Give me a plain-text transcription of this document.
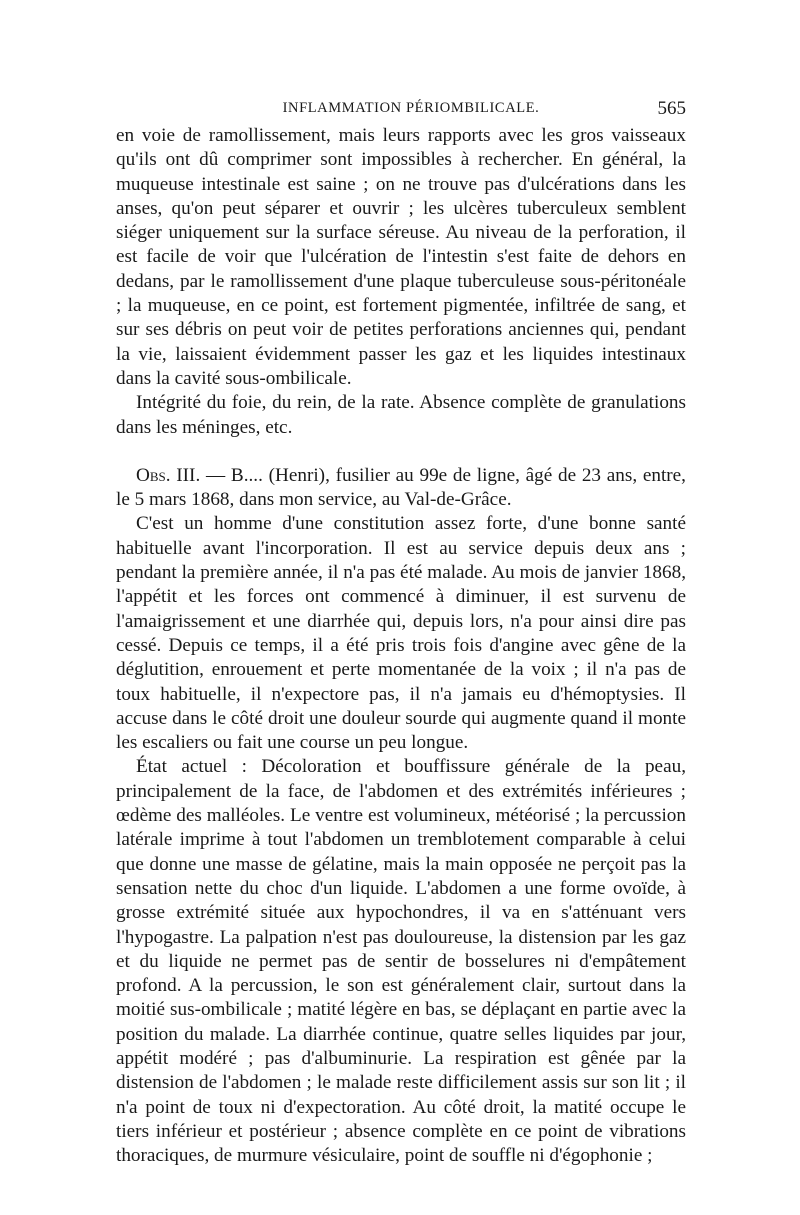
INFLAMMATION PÉRIOMBILICALE.	565

en voie de ramollissement, mais leurs rapports avec les gros vaisseaux qu'ils ont dû comprimer sont impossibles à rechercher. En général, la muqueuse intestinale est saine ; on ne trouve pas d'ulcérations dans les anses, qu'on peut séparer et ouvrir ; les ulcères tuberculeux semblent siéger uniquement sur la surface séreuse. Au niveau de la perforation, il est facile de voir que l'ulcération de l'intestin s'est faite de dehors en dedans, par le ramollissement d'une plaque tuberculeuse sous-péritonéale ; la muqueuse, en ce point, est fortement pigmentée, infiltrée de sang, et sur ses débris on peut voir de petites perforations anciennes qui, pendant la vie, laissaient évidemment passer les gaz et les liquides intestinaux dans la cavité sous-ombilicale.

Intégrité du foie, du rein, de la rate. Absence complète de granulations dans les méninges, etc.

Obs. III. — B.... (Henri), fusilier au 99e de ligne, âgé de 23 ans, entre, le 5 mars 1868, dans mon service, au Val-de-Grâce.

C'est un homme d'une constitution assez forte, d'une bonne santé habituelle avant l'incorporation. Il est au service depuis deux ans ; pendant la première année, il n'a pas été malade. Au mois de janvier 1868, l'appétit et les forces ont commencé à diminuer, il est survenu de l'amaigrissement et une diarrhée qui, depuis lors, n'a pour ainsi dire pas cessé. Depuis ce temps, il a été pris trois fois d'angine avec gêne de la déglutition, enrouement et perte momentanée de la voix ; il n'a pas de toux habituelle, il n'expectore pas, il n'a jamais eu d'hémoptysies. Il accuse dans le côté droit une douleur sourde qui augmente quand il monte les escaliers ou fait une course un peu longue.

État actuel : Décoloration et bouffissure générale de la peau, principalement de la face, de l'abdomen et des extrémités inférieures ; œdème des malléoles. Le ventre est volumineux, météorisé ; la percussion latérale imprime à tout l'abdomen un tremblotement comparable à celui que donne une masse de gélatine, mais la main opposée ne perçoit pas la sensation nette du choc d'un liquide. L'abdomen a une forme ovoïde, à grosse extrémité située aux hypochondres, il va en s'atténuant vers l'hypogastre. La palpation n'est pas douloureuse, la distension par les gaz et du liquide ne permet pas de sentir de bosselures ni d'empâtement profond. A la percussion, le son est généralement clair, surtout dans la moitié sus-ombilicale ; matité légère en bas, se déplaçant en partie avec la position du malade. La diarrhée continue, quatre selles liquides par jour, appétit modéré ; pas d'albuminurie. La respiration est gênée par la distension de l'abdomen ; le malade reste difficilement assis sur son lit ; il n'a point de toux ni d'expectoration. Au côté droit, la matité occupe le tiers inférieur et postérieur ; absence complète en ce point de vibrations thoraciques, de murmure vésiculaire, point de souffle ni d'égophonie ;
